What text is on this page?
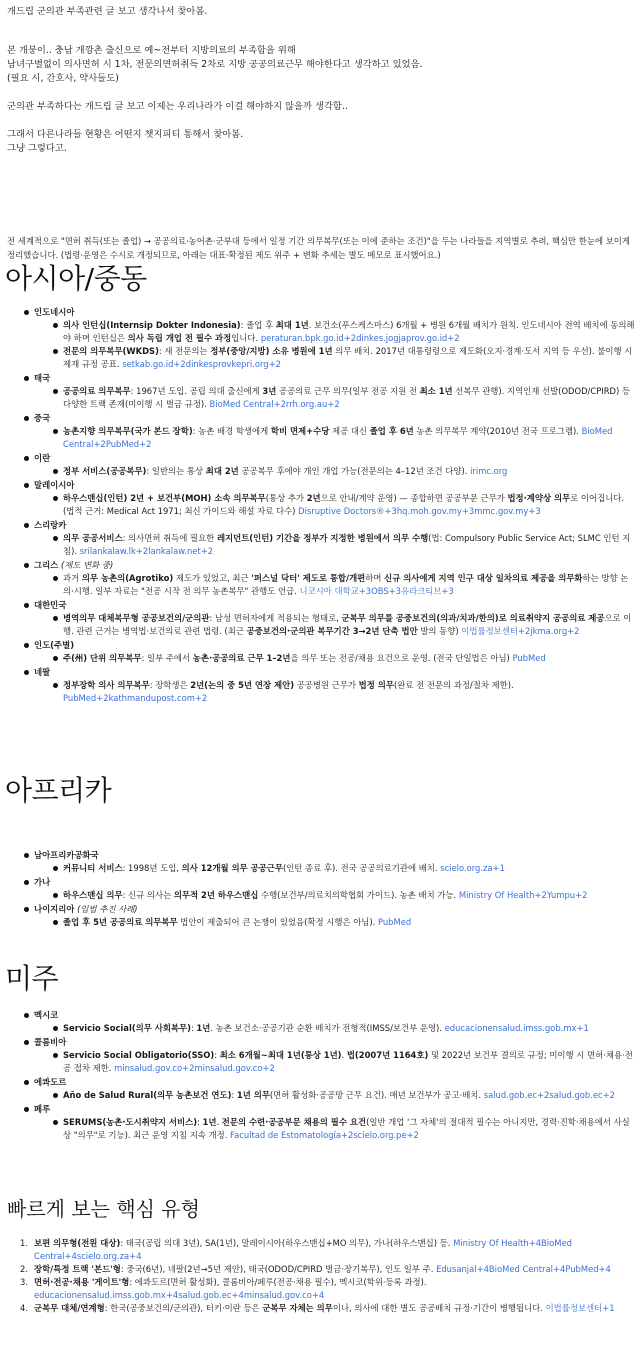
개드립 군의관 부족관련 글 보고 생각나서 찾아봄.

본 개붕이.. 충남 개깡촌 출신으로 예~전부터 지방의료의 부족함을 위해

남녀구별없이 의사면허 시 1차, 전문의면허취득 2차로 지방 공공의료근무 해야한다고 생각하고 있었음.

(필요 시, 간호사, 약사들도)

군의관 부족하다는 개드립 글 보고 이제는 우리나라가 이걸 해야하지 않을까 생각함..

그래서 다른나라들 현황은 어떤지 챗지피티 통해서 찾아봄.

그냥 그렇다고.

전 세계적으로 "면허 취득(또는 졸업) → 공공의료·농어촌·군부대 등에서 일정 기간 의무복무(또는 이에 준하는 조건)"을 두는 나라들을 지역별로 추려, 핵심만 한눈에 보이게 정리했습니다. (법령·운영은 수시로 개정되므로, 아래는 대표·확정된 제도 위주 + 변화 추세는 별도 메모로 표시했어요.)
아시아/중동
인도네시아
의사 인턴십(Internsip Dokter Indonesia): 졸업 후 최대 1년. 보건소(푸스케스마스) 6개월 + 병원 6개월 배치가 원칙. 인도네시아 전역 배치에 동의해야 하며 인턴십은 의사 독립 개업 전 필수 과정입니다. peraturan.bpk.go.id+2dinkes.jogjaprov.go.id+2
전문의 의무복무(WKDS): 새 전문의는 정부(중앙/지방) 소유 병원에 1년 의무 배치. 2017년 대통령령으로 제도화(오지·경계·도서 지역 등 우선). 불이행 시 제재 규정 공표. setkab.go.id+2dinkesprovkepri.org+2
태국
공공의료 의무복무: 1967년 도입. 공립 의대 출신에게 3년 공공의료 근무 의무(일부 전공 지원 전 최소 1년 선복무 관행). 지역인재 선발(ODOD/CPIRD) 등 다양한 트랙 존재(미이행 시 벌금 규정). BioMed Central+2rrh.org.au+2
중국
농촌지향 의무복무(국가 본드 장학): 농촌 배경 학생에게 학비 면제+수당 제공 대신 졸업 후 6년 농촌 의무복무 계약(2010년 전국 프로그램). BioMed Central+2PubMed+2
이란
정부 서비스(공공복무): 일반의는 통상 최대 2년 공공복무 후에야 개인 개업 가능(전문의는 4–12년 조건 다양). irimc.org
말레이시아
하우스맨십(인턴) 2년 + 보건부(MOH) 소속 의무복무(통상 추가 2년으로 안내/계약 운영) — 종합하면 공공부문 근무가 법정·계약상 의무로 이어집니다. (법적 근거: Medical Act 1971; 최신 가이드와 해설 자료 다수) Disruptive Doctors®+3hq.moh.gov.my+3mmc.gov.my+3
스리랑카
의무 공공서비스: 의사면허 취득에 필요한 레지던트(인턴) 기간을 정부가 지정한 병원에서 의무 수행(법: Compulsory Public Service Act; SLMC 인턴 지침). srilankalaw.lk+2lankalaw.net+2
그리스 (제도 변화 중)
과거 의무 농촌의(Agrotiko) 제도가 있었고, 최근 '퍼스널 닥터' 제도로 통합/개편하며 신규 의사에게 지역 인구 대상 일차의료 제공을 의무화하는 방향 논의·시행. 일부 자료는 "전공 시작 전 의무 농촌복무" 관행도 언급. 니코시아 대학교+3OBS+3유라크티브+3
대한민국
병역의무 대체복무형 공공보건의/군의관: 남성 면허자에게 적용되는 형태로, 군복무 의무를 공중보건의(의과/치과/한의)로 의료취약지 공공의료 제공으로 이행. 관련 근거는 병역법·보건의료 관련 법령. (최근 공중보건의·군의관 복무기간 3→2년 단축 법안 발의 동향) 이법률정보센터+2jkma.org+2
인도(주별)
주(州) 단위 의무복무: 일부 주에서 농촌·공공의료 근무 1–2년을 의무 또는 전공/채용 요건으로 운영. (전국 단일법은 아님) PubMed
네팔
정부장학 의사 의무복무: 장학생은 2년(논의 중 5년 연장 제안) 공공병원 근무가 법정 의무(완료 전 전문의 과정/절차 제한). PubMed+2kathmandupost.com+2
아프리카
남아프리카공화국
커뮤니티 서비스: 1998년 도입, 의사 12개월 의무 공공근무(인턴 종료 후). 전국 공공의료기관에 배치. scielo.org.za+1
가나
하우스맨십 의무: 신규 의사는 의무적 2년 하우스맨십 수행(보건부/의료치의학협회 가이드). 농촌 배치 가능. Ministry Of Health+2Yumpu+2
나이지리아 (입법 추진 사례)
졸업 후 5년 공공의료 의무복무 법안이 제출되어 큰 논쟁이 있었음(확정 시행은 아님). PubMed
미주
멕시코
Servicio Social(의무 사회복무): 1년. 농촌 보건소·공공기관 순환 배치가 전형적(IMSS/보건부 운영). educacionensalud.imss.gob.mx+1
콜롬비아
Servicio Social Obligatorio(SSO): 최소 6개월~최대 1년(통상 1년). 법(2007년 1164호) 및 2022년 보건부 결의로 규정; 미이행 시 면허·채용·전공 접차 제한. minsalud.gov.co+2minsalud.gov.co+2
에콰도르
Año de Salud Rural(의무 농촌보건 연도): 1년 의무(면허 활성화·공공망 근무 요건). 매년 보건부가 공고·배치. salud.gob.ec+2salud.gob.ec+2
페루
SERUMS(농촌·도시취약지 서비스): 1년. 전문의 수련·공공부문 채용의 필수 요건(일반 개업 '그 자체'의 절대적 필수는 아니지만, 경력·진학·채용에서 사실상 "의무"로 기능). 최근 운영 지침 지속 개정. Facultad de Estomatología+2scielo.org.pe+2
빠르게 보는 핵심 유형
1. 보편 의무형(전원 대상): 태국(공립 의대 3년), SA(1년), 말레이시아(하우스맨십+MO 의무), 가나(하우스맨십) 등. Ministry Of Health+4BioMed Central+4scielo.org.za+4
2. 장학/특정 트랙 '본드'형: 중국(6년), 네팔(2년→5년 제안), 태국(ODOD/CPIRD 벌금·장기복무), 인도 일부 주. Edusanjal+4BioMed Central+4PubMed+4
3. 면허·전공·채용 '게이트'형: 에콰도르(면허 활성화), 콜롬비아/페루(전공·채용 필수), 멕시코(학위·등록 과정). educacionensalud.imss.gob.mx+4salud.gob.ec+4minsalud.gov.co+4
4. 군복무 대체/연계형: 한국(공중보건의/군의관), 터키·이란 등은 군복무 자체는 의무이나, 의사에 대한 별도 공공배치 규정·기간이 병행됩니다. 이법률정보센터+1
